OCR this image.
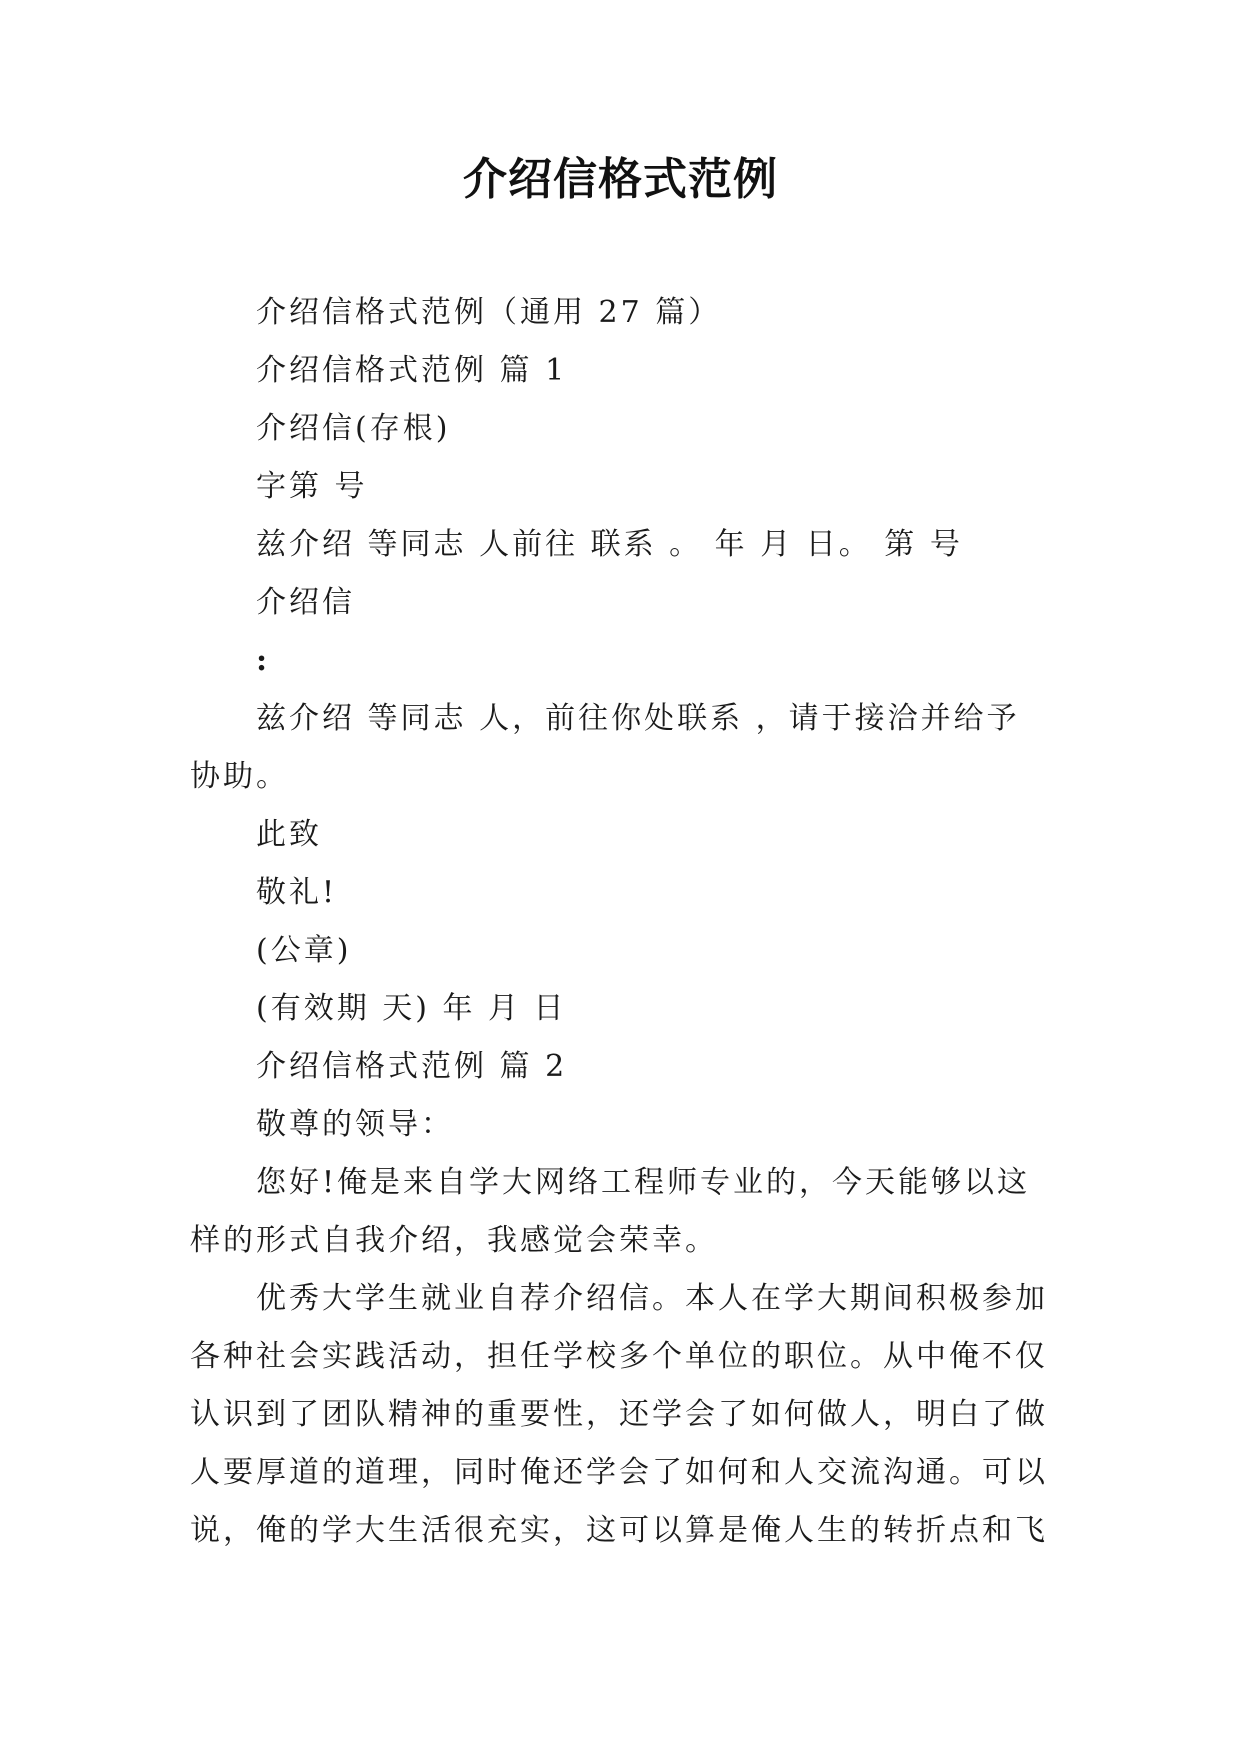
介绍信格式范例
介绍信格式范例（通用 27 篇）
介绍信格式范例 篇 1
介绍信(存根)
字第 号
兹介绍 等同志 人前往 联系 。 年 月 日。 第 号
介绍信
:
兹介绍 等同志 人，前往你处联系 ，请于接洽并给予
协助。
此致
敬礼!
(公章)
(有效期 天) 年 月 日
介绍信格式范例 篇 2
敬尊的领导：
您好!俺是来自学大网络工程师专业的，今天能够以这
样的形式自我介绍，我感觉会荣幸。
优秀大学生就业自荐介绍信。本人在学大期间积极参加
各种社会实践活动，担任学校多个单位的职位。从中俺不仅
认识到了团队精神的重要性，还学会了如何做人，明白了做
人要厚道的道理，同时俺还学会了如何和人交流沟通。可以
说，俺的学大生活很充实，这可以算是俺人生的转折点和飞
